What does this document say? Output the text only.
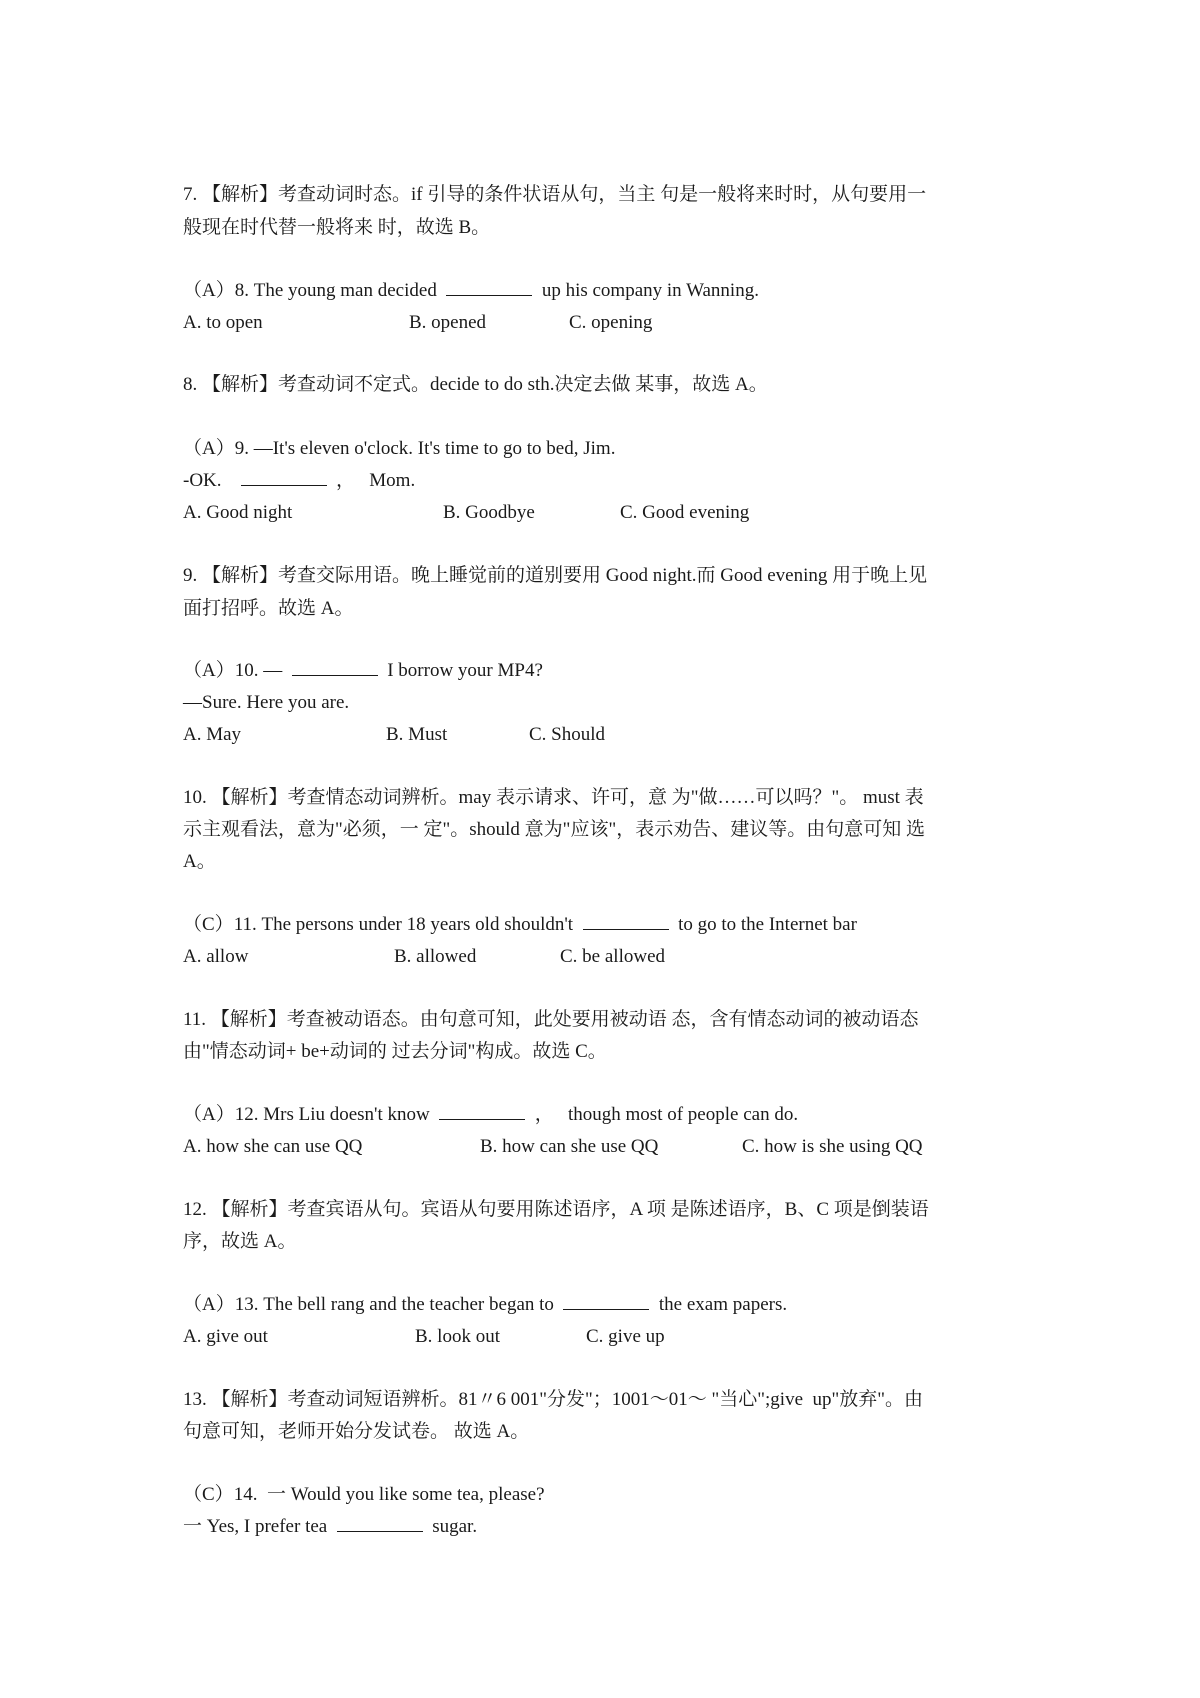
7. 【解析】考查动词时态。if 引导的条件状语从句，当主 句是一般将来时时，从句要用一
般现在时代替一般将来 时，故选 B。
（A）8. The young man decided	up his company in Wanning.

A. to open

	B. opened

	C. opening

8. 【解析】考查动词不定式。decide to do sth.决定去做 某事，故选 A。
（A）9. —It's eleven o'clock. It's time to go to bed, Jim.
-OK.	，   Mom.

A. Good night

	B. Goodbye

	C. Good evening

9. 【解析】考查交际用语。晚上睡觉前的道别要用 Good night.而 Good evening 用于晚上见
面打招呼。故选 A。
（A）10. —	I borrow your MP4?
—Sure. Here you are.

A. May

	B. Must

	C. Should

10. 【解析】考查情态动词辨析。may 表示请求、许可，意 为"做……可以吗？"。 must 表
示主观看法，意为"必须，一 定"。should 意为"应该"，表示劝告、建议等。由句意可知 选
A。
（C）11. The persons under 18 years old shouldn't	to go to the Internet bar

A. allow

	B. allowed

	C. be allowed

11. 【解析】考查被动语态。由句意可知，此处要用被动语 态，含有情态动词的被动语态
由"情态动词+ be+动词的 过去分词"构成。故选 C。
（A）12. Mrs Liu doesn't know	，   though most of people can do.

A. how she can use QQ

	B. how can she use QQ

	C. how is she using QQ

12. 【解析】考查宾语从句。宾语从句要用陈述语序，A 项 是陈述语序，B、C 项是倒装语
序，故选 A。
（A）13. The bell rang and the teacher began to	the exam papers.

A. give out

	B. look out

	C. give up

13. 【解析】考查动词短语辨析。81〃6 001"分发"；1001〜01〜 "当心";give  up"放弃"。由
句意可知，老师开始分发试卷。 故选 A。
（C）14. 一 Would you like some tea, please?
一 Yes, I prefer tea	sugar.
